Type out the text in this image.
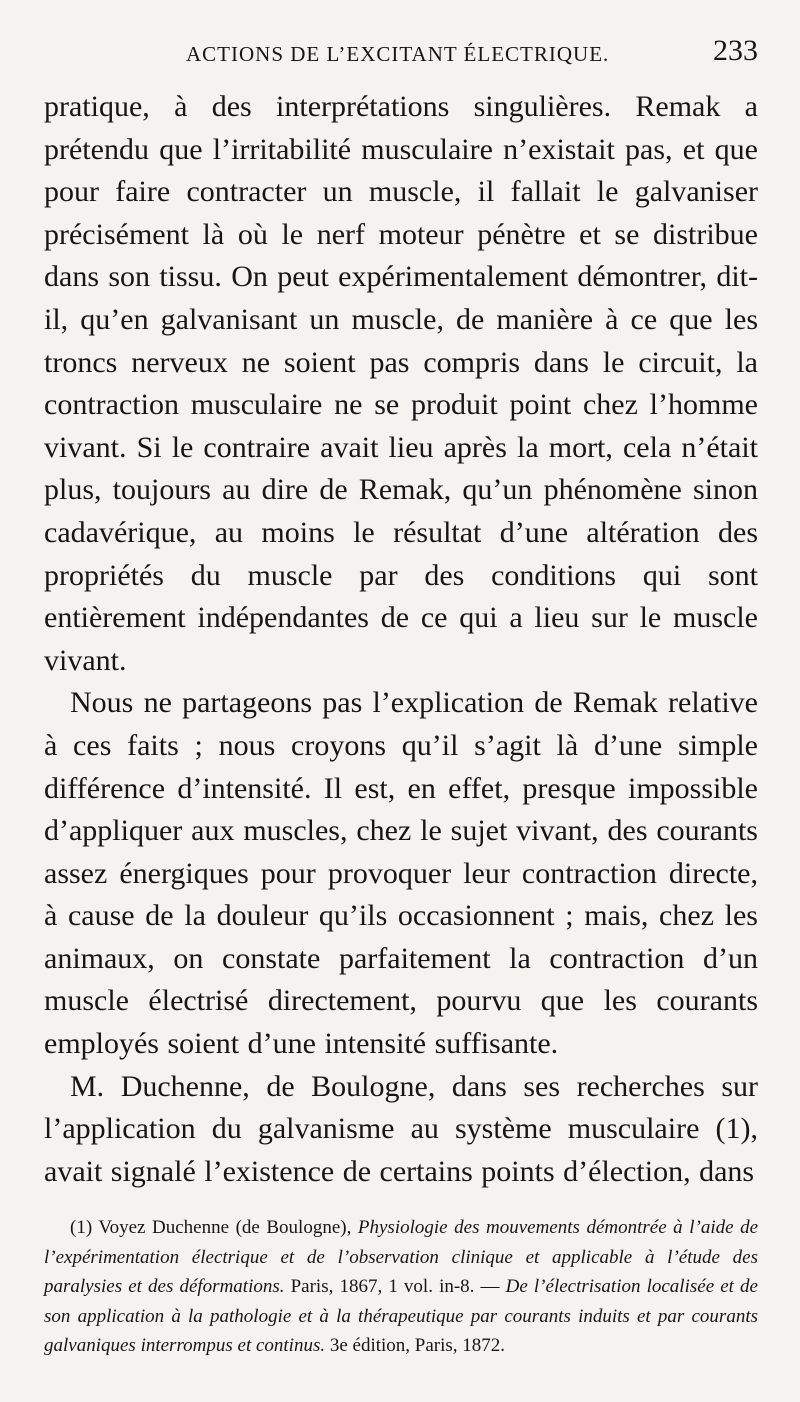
ACTIONS DE L’EXCITANT ÉLECTRIQUE.	233

pratique, à des interprétations singulières. Remak a prétendu que l’irritabilité musculaire n’existait pas, et que pour faire contracter un muscle, il fallait le galvaniser précisément là où le nerf moteur pénètre et se distribue dans son tissu. On peut expérimentalement démontrer, dit-il, qu’en galvanisant un muscle, de manière à ce que les troncs nerveux ne soient pas compris dans le circuit, la contraction musculaire ne se produit point chez l’homme vivant. Si le contraire avait lieu après la mort, cela n’était plus, toujours au dire de Remak, qu’un phénomène sinon cadavérique, au moins le résultat d’une altération des propriétés du muscle par des conditions qui sont entièrement indépendantes de ce qui a lieu sur le muscle vivant.

Nous ne partageons pas l’explication de Remak relative à ces faits ; nous croyons qu’il s’agit là d’une simple différence d’intensité. Il est, en effet, presque impossible d’appliquer aux muscles, chez le sujet vivant, des courants assez énergiques pour provoquer leur contraction directe, à cause de la douleur qu’ils occasionnent ; mais, chez les animaux, on constate parfaitement la contraction d’un muscle électrisé directement, pourvu que les courants employés soient d’une intensité suffisante.

M. Duchenne, de Boulogne, dans ses recherches sur l’application du galvanisme au système musculaire (1), avait signalé l’existence de certains points d’élection, dans

(1) Voyez Duchenne (de Boulogne), Physiologie des mouvements démontrée à l’aide de l’expérimentation électrique et de l’observation clinique et applicable à l’étude des paralysies et des déformations. Paris, 1867, 1 vol. in-8. — De l’électrisation localisée et de son application à la pathologie et à la thérapeutique par courants induits et par courants galvaniques interrompus et continus. 3e édition, Paris, 1872.
